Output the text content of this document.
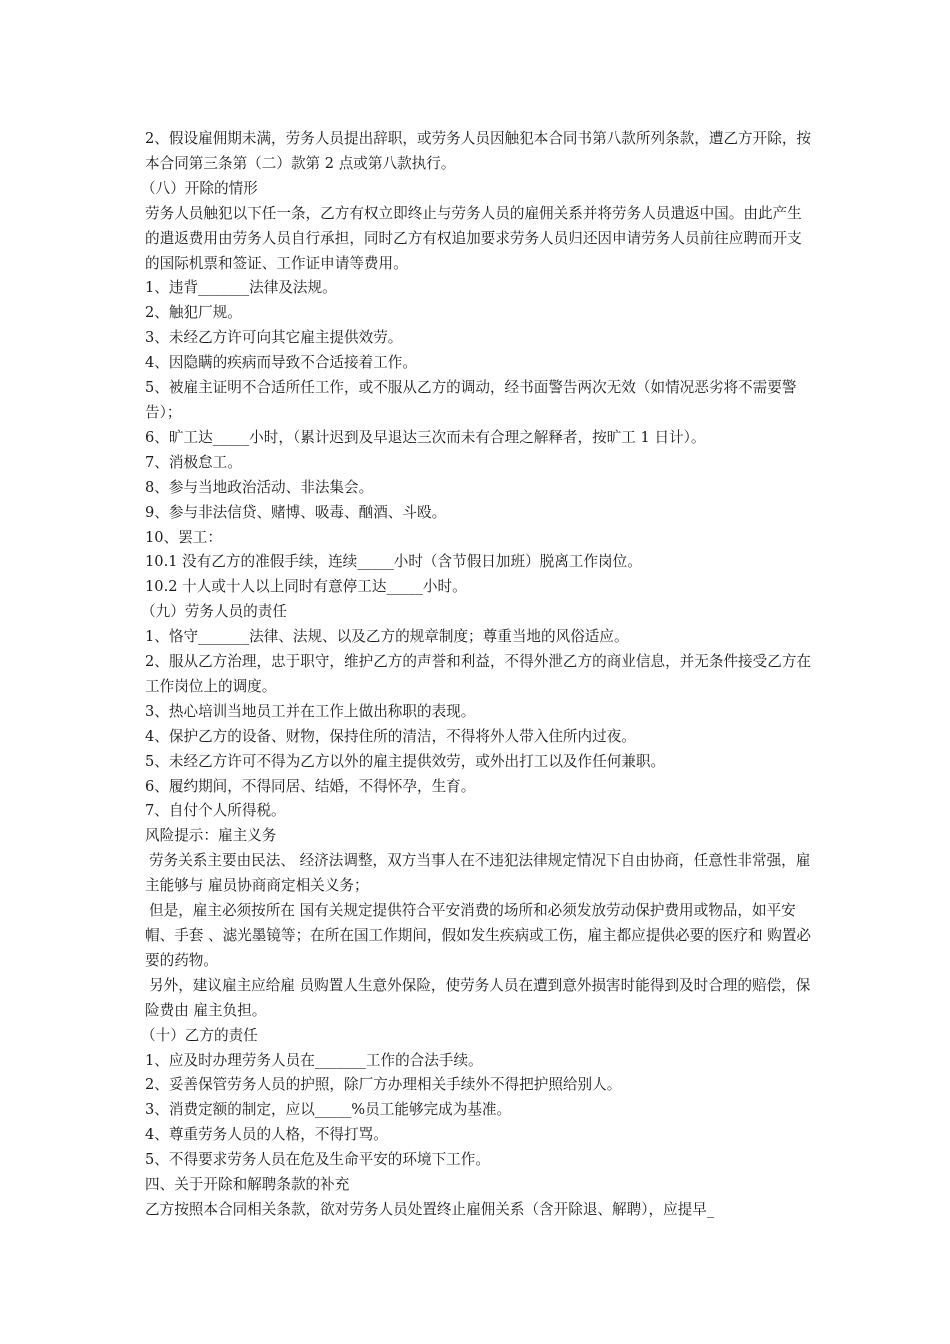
2、假设雇佣期未满，劳务人员提出辞职，或劳务人员因触犯本合同书第八款所列条款，遭乙方开除，按本合同第三条第（二）款第 2 点或第八款执行。

（八）开除的情形

劳务人员触犯以下任一条，乙方有权立即终止与劳务人员的雇佣关系并将劳务人员遣返中国。由此产生的遣返费用由劳务人员自行承担，同时乙方有权追加要求劳务人员归还因申请劳务人员前往应聘而开支的国际机票和签证、工作证申请等费用。

1、违背_______法律及法规。

2、触犯厂规。

3、未经乙方许可向其它雇主提供效劳。

4、因隐瞒的疾病而导致不合适接着工作。

5、被雇主证明不合适所任工作，或不服从乙方的调动，经书面警告两次无效（如情况恶劣将不需要警告）；

6、旷工达_____小时，（累计迟到及早退达三次而未有合理之解释者，按旷工 1 日计）。

7、消极怠工。

8、参与当地政治活动、非法集会。

9、参与非法信贷、赌博、吸毒、酗酒、斗殴。

10、罢工：

10.1 没有乙方的准假手续，连续_____小时（含节假日加班）脱离工作岗位。

10.2 十人或十人以上同时有意停工达_____小时。

（九）劳务人员的责任

1、恪守_______法律、法规、以及乙方的规章制度；尊重当地的风俗适应。

2、服从乙方治理，忠于职守，维护乙方的声誉和利益，不得外泄乙方的商业信息，并无条件接受乙方在工作岗位上的调度。

3、热心培训当地员工并在工作上做出称职的表现。

4、保护乙方的设备、财物，保持住所的清洁，不得将外人带入住所内过夜。

5、未经乙方许可不得为乙方以外的雇主提供效劳，或外出打工以及作任何兼职。

6、履约期间，不得同居、结婚，不得怀孕，生育。

7、自付个人所得税。

风险提示：雇主义务

劳务关系主要由民法、 经济法调整，双方当事人在不违犯法律规定情况下自由协商，任意性非常强，雇主能够与 雇员协商商定相关义务；

但是，雇主必须按所在 国有关规定提供符合平安消费的场所和必须发放劳动保护费用或物品，如平安帽、手套 、滤光墨镜等；在所在国工作期间，假如发生疾病或工伤，雇主都应提供必要的医疗和 购置必要的药物。

另外，建议雇主应给雇 员购置人生意外保险，使劳务人员在遭到意外损害时能得到及时合理的赔偿，保险费由 雇主负担。

（十）乙方的责任

1、应及时办理劳务人员在_______工作的合法手续。

2、妥善保管劳务人员的护照，除厂方办理相关手续外不得把护照给别人。

3、消费定额的制定，应以_____%员工能够完成为基准。

4、尊重劳务人员的人格，不得打骂。

5、不得要求劳务人员在危及生命平安的环境下工作。

四、关于开除和解聘条款的补充

乙方按照本合同相关条款，欲对劳务人员处置终止雇佣关系（含开除退、解聘），应提早_
